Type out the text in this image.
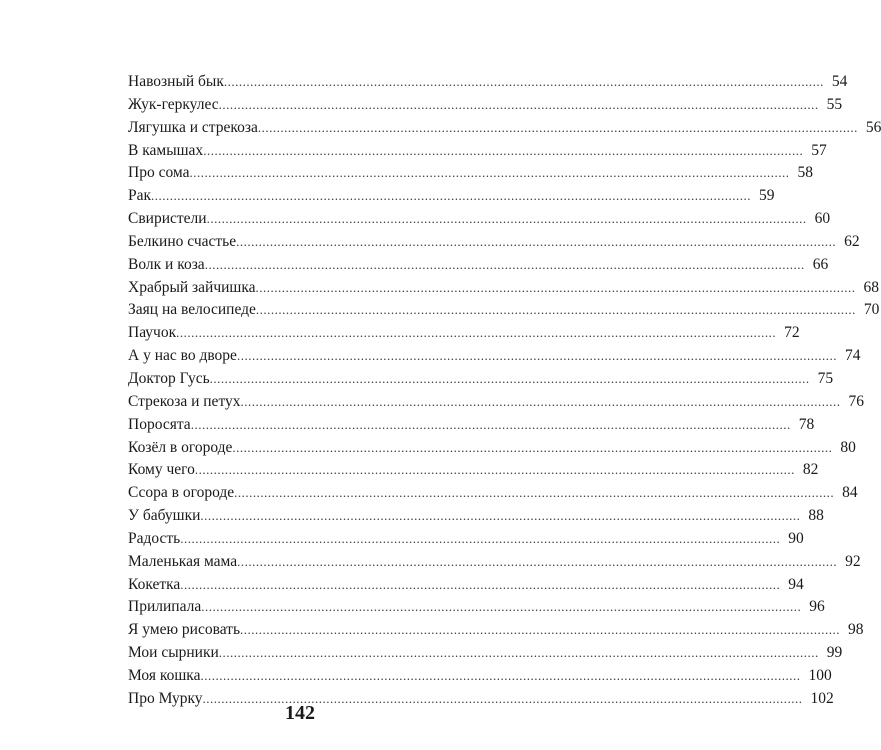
Навозный бык ................................................................................................................................................................ 54
Жук-геркулес ................................................................................................................................................................ 55
Лягушка и стрекоза ................................................................................................................................................................ 56
В камышах ................................................................................................................................................................ 57
Про сома ................................................................................................................................................................ 58
Рак ................................................................................................................................................................ 59
Свиристели ................................................................................................................................................................ 60
Белкино счастье ................................................................................................................................................................ 62
Волк и коза ................................................................................................................................................................ 66
Храбрый зайчишка ................................................................................................................................................................ 68
Заяц на велосипеде ................................................................................................................................................................ 70
Паучок ................................................................................................................................................................ 72
А у нас во дворе ................................................................................................................................................................ 74
Доктор Гусь ................................................................................................................................................................ 75
Стрекоза и петух ................................................................................................................................................................ 76
Поросята ................................................................................................................................................................ 78
Козёл в огороде ................................................................................................................................................................ 80
Кому чего ................................................................................................................................................................ 82
Ссора в огороде ................................................................................................................................................................ 84
У бабушки ................................................................................................................................................................ 88
Радость ................................................................................................................................................................ 90
Маленькая мама ................................................................................................................................................................ 92
Кокетка ................................................................................................................................................................ 94
Прилипала ................................................................................................................................................................ 96
Я умею рисовать ................................................................................................................................................................ 98
Мои сырники ................................................................................................................................................................ 99
Моя кошка ................................................................................................................................................................ 100
Про Мурку ................................................................................................................................................................ 102
142
